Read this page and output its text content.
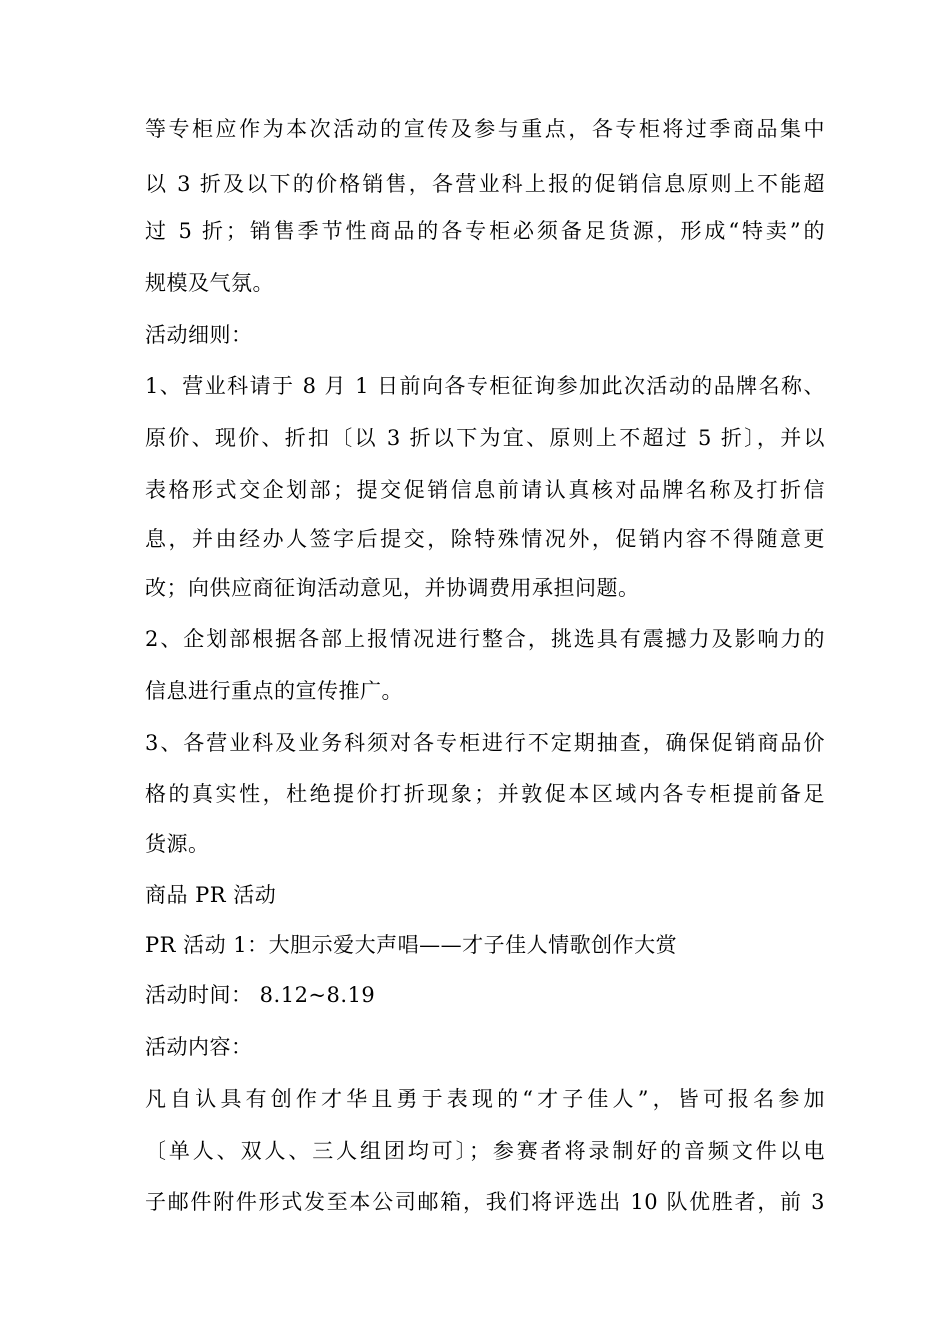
等专柜应作为本次活动的宣传及参与重点，各专柜将过季商品集中
以 3 折及以下的价格销售，各营业科上报的促销信息原则上不能超
过 5 折；销售季节性商品的各专柜必须备足货源，形成“特卖”的
规模及气氛。
活动细则：
1、营业科请于 8 月 1 日前向各专柜征询参加此次活动的品牌名称、
原价、现价、折扣〔以 3 折以下为宜、原则上不超过 5 折〕，并以
表格形式交企划部；提交促销信息前请认真核对品牌名称及打折信
息，并由经办人签字后提交，除特殊情况外，促销内容不得随意更
改；向供应商征询活动意见，并协调费用承担问题。
2、企划部根据各部上报情况进行整合，挑选具有震撼力及影响力的
信息进行重点的宣传推广。
3、各营业科及业务科须对各专柜进行不定期抽查，确保促销商品价
格的真实性，杜绝提价打折现象；并敦促本区域内各专柜提前备足
货源。
商品 PR 活动
PR 活动 1：大胆示爱大声唱——才子佳人情歌创作大赏
活动时间： 8.12~8.19
活动内容：
凡自认具有创作才华且勇于表现的“才子佳人”，皆可报名参加
〔单人、双人、三人组团均可〕；参赛者将录制好的音频文件以电
子邮件附件形式发至本公司邮箱，我们将评选出 10 队优胜者，前 3
